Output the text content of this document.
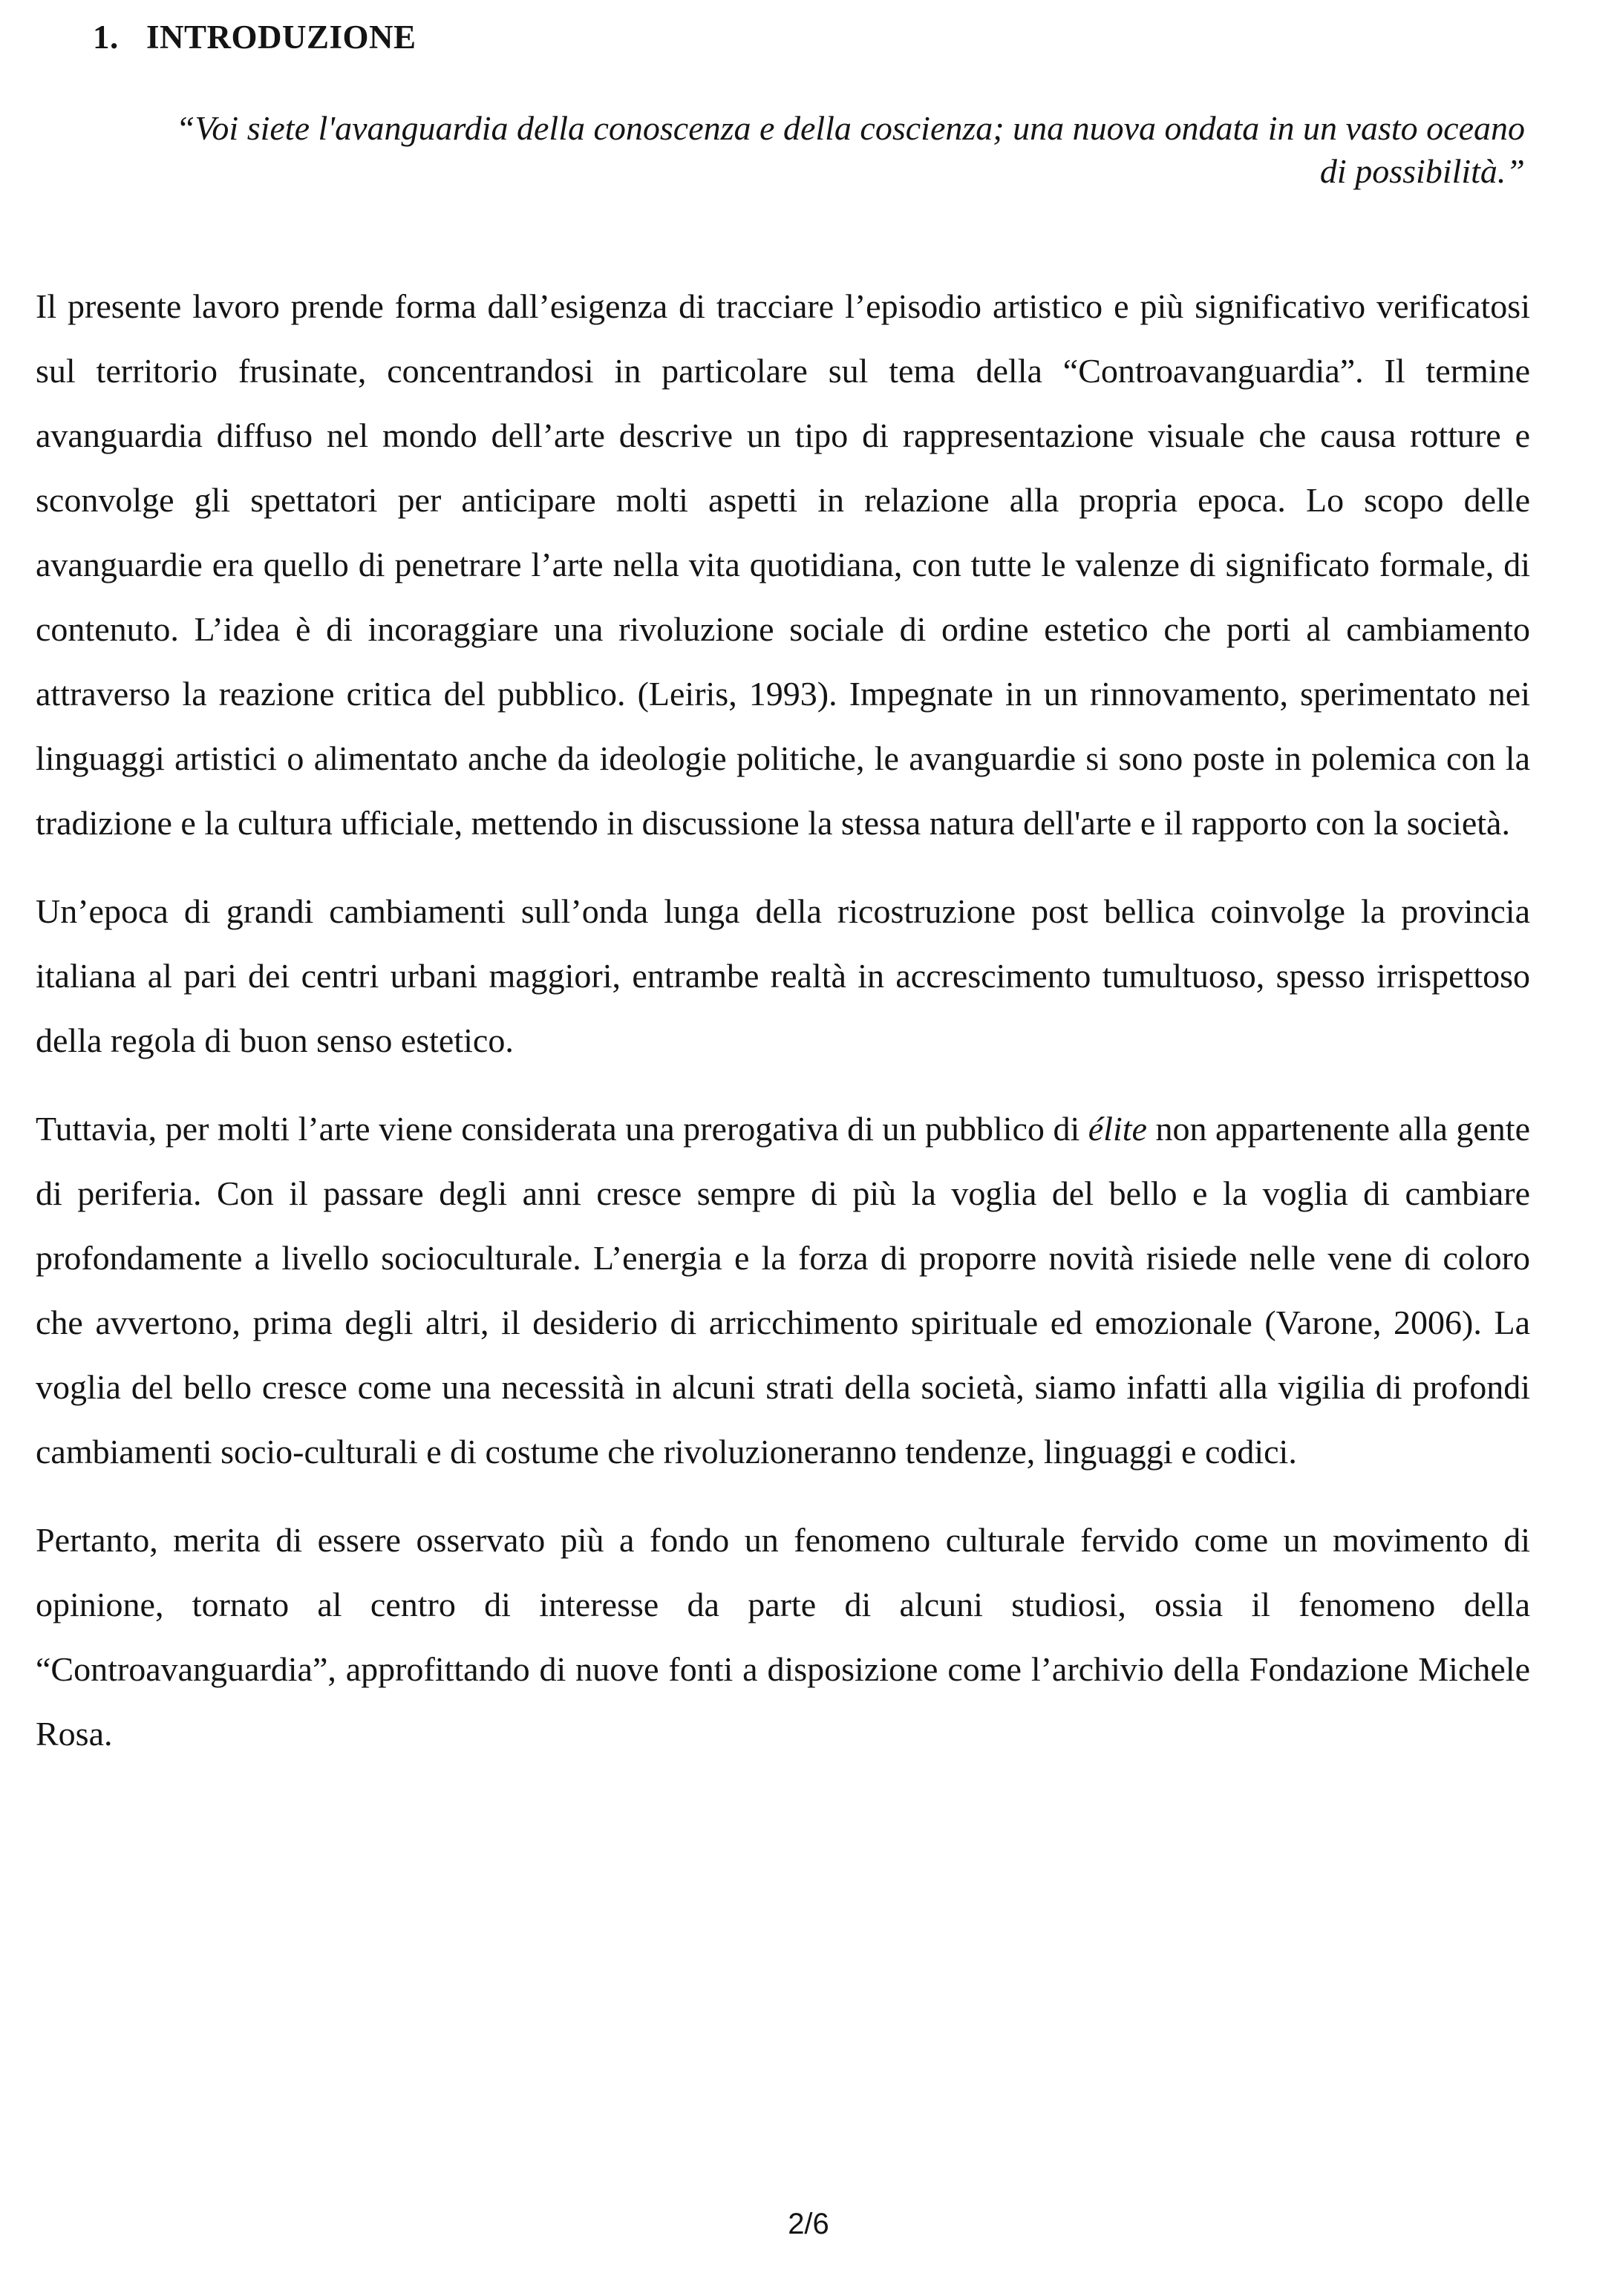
1. INTRODUZIONE

“Voi siete l'avanguardia della conoscenza e della coscienza; una nuova ondata in un vasto oceano
di possibilità.”

Il presente lavoro prende forma dall’esigenza di tracciare l’episodio artistico e più significativo verificatosi sul territorio frusinate, concentrandosi in particolare sul tema della “Controavanguardia”. Il termine avanguardia diffuso nel mondo dell’arte descrive un tipo di rappresentazione visuale che causa rotture e sconvolge gli spettatori per anticipare molti aspetti in relazione alla propria epoca. Lo scopo delle avanguardie era quello di penetrare l’arte nella vita quotidiana, con tutte le valenze di significato formale, di contenuto. L’idea è di incoraggiare una rivoluzione sociale di ordine estetico che porti al cambiamento attraverso la reazione critica del pubblico. (Leiris, 1993). Impegnate in un rinnovamento, sperimentato nei linguaggi artistici o alimentato anche da ideologie politiche, le avanguardie si sono poste in polemica con la tradizione e la cultura ufficiale, mettendo in discussione la stessa natura dell'arte e il rapporto con la società.

Un’epoca di grandi cambiamenti sull’onda lunga della ricostruzione post bellica coinvolge la provincia italiana al pari dei centri urbani maggiori, entrambe realtà in accrescimento tumultuoso, spesso irrispettoso della regola di buon senso estetico.

Tuttavia, per molti l’arte viene considerata una prerogativa di un pubblico di élite non appartenente alla gente di periferia. Con il passare degli anni cresce sempre di più la voglia del bello e la voglia di cambiare profondamente a livello socioculturale. L’energia e la forza di proporre novità risiede nelle vene di coloro che avvertono, prima degli altri, il desiderio di arricchimento spirituale ed emozionale (Varone, 2006). La voglia del bello cresce come una necessità in alcuni strati della società, siamo infatti alla vigilia di profondi cambiamenti socio-culturali e di costume che rivoluzioneranno tendenze, linguaggi e codici.

Pertanto, merita di essere osservato più a fondo un fenomeno culturale fervido come un movimento di opinione, tornato al centro di interesse da parte di alcuni studiosi, ossia il fenomeno della “Controavanguardia”, approfittando di nuove fonti a disposizione come l’archivio della Fondazione Michele Rosa.

2/6
